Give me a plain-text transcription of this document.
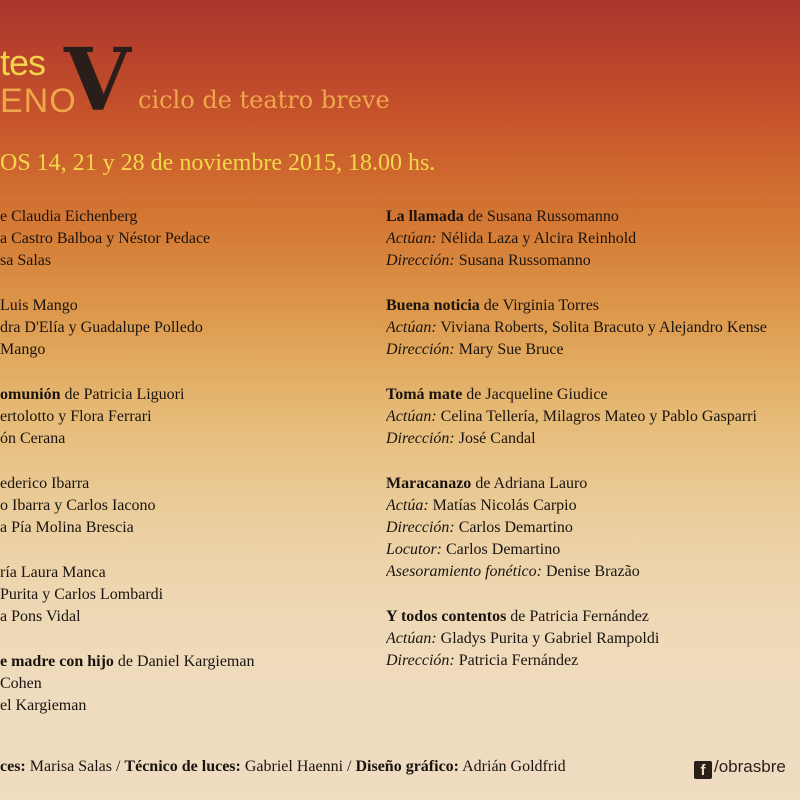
tes
ENO
V ciclo de teatro breve
OS 14, 21 y 28 de noviembre 2015, 18.00 hs.
e Claudia Eichenberg
a Castro Balboa y Néstor Pedace
sa Salas
Luis Mango
dra D'Elía y Guadalupe Polledo
Mango
omunión de Patricia Liguori
ertolotto y Flora Ferrari
ón Cerana
ederico Ibarra
o Ibarra y Carlos Iacono
a Pía Molina Brescia
ría Laura Manca
Purita y Carlos Lombardi
a Pons Vidal
e madre con hijo de Daniel Kargieman
Cohen
el Kargieman
La llamada de Susana Russomanno
Actúan: Nélida Laza y Alcira Reinhold
Dirección: Susana Russomanno
Buena noticia de Virginia Torres
Actúan: Viviana Roberts, Solita Bracuto y Alejandro Kense
Dirección: Mary Sue Bruce
Tomá mate de Jacqueline Giudice
Actúan: Celina Tellería, Milagros Mateo y Pablo Gasparri
Dirección: José Candal
Maracanazo de Adriana Lauro
Actúa: Matías Nicolás Carpio
Dirección: Carlos Demartino
Locutor: Carlos Demartino
Asesoramiento fonético: Denise Brazão
Y todos contentos de Patricia Fernández
Actúan: Gladys Purita y Gabriel Rampoldi
Dirección: Patricia Fernández
ces: Marisa Salas / Técnico de luces: Gabriel Haenni / Diseño gráfico: Adrián Goldfrid	f /obrasbre
